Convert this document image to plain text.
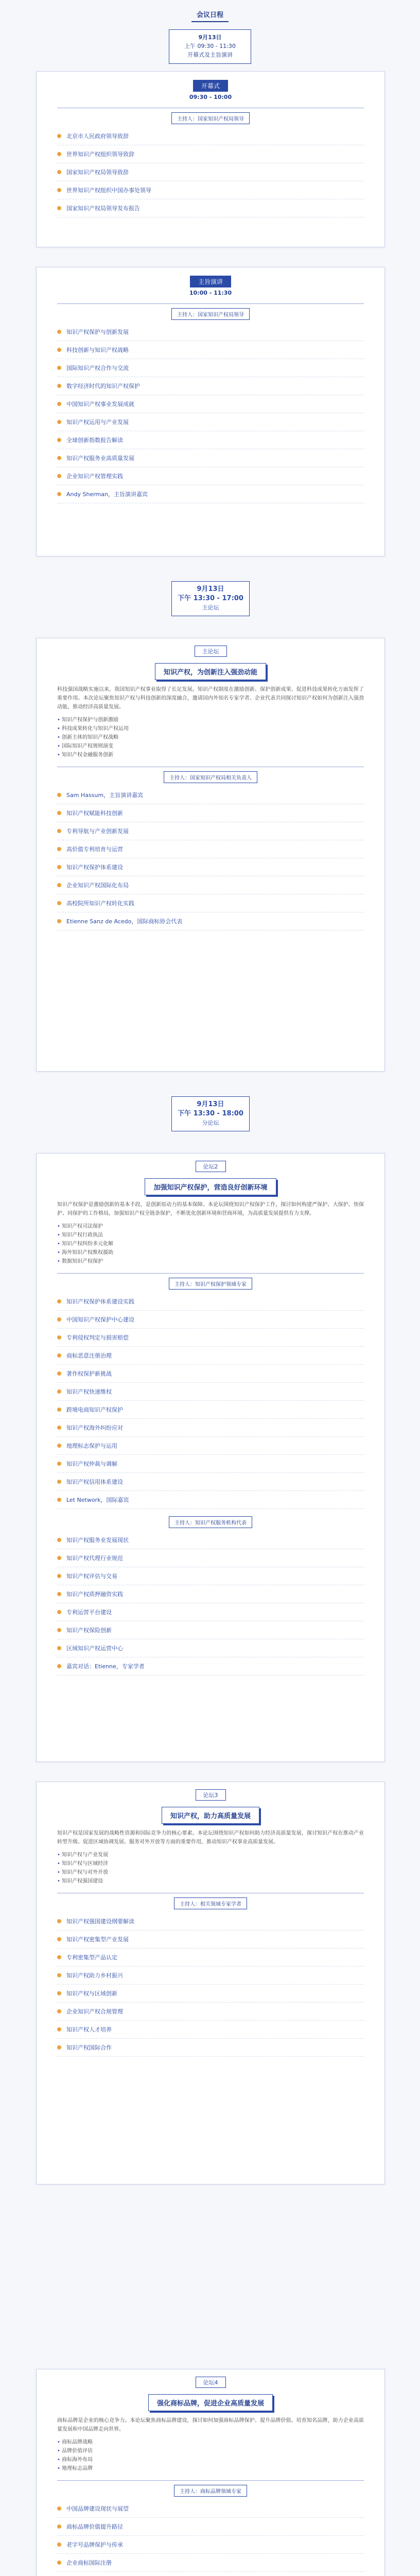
会议日程
9月13日
上午 09:30 - 11:30
开幕式及主旨演讲
开幕式
09:30 - 10:00
主持人：国家知识产权局领导
北京市人民政府领导致辞
世界知识产权组织领导致辞
国家知识产权局领导致辞
世界知识产权组织中国办事处领导
国家知识产权局领导发布报告
主旨演讲
10:00 - 11:30
主持人：国家知识产权局领导
知识产权保护与创新发展
科技创新与知识产权战略
国际知识产权合作与交流
数字经济时代的知识产权保护
中国知识产权事业发展成就
知识产权运用与产业发展
全球创新指数报告解读
知识产权服务业高质量发展
企业知识产权管理实践
Andy Sherman，主旨演讲嘉宾
9月13日
下午 13:30 - 17:00
主论坛
主论坛
知识产权，为创新注入强劲动能
科技强国战略实施以来，我国知识产权事业取得了长足发展。知识产权制度在激励创新、保护创新成果、促进科技成果转化方面发挥了重要作用。本次论坛聚焦知识产权与科技创新的深度融合，邀请国内外知名专家学者、企业代表共同探讨知识产权如何为创新注入强劲动能，推动经济高质量发展。
• 知识产权保护与创新激励
• 科技成果转化与知识产权运用
• 创新主体的知识产权战略
• 国际知识产权规则演变
• 知识产权金融服务创新
主持人：国家知识产权局相关负责人
Sam Hassum，主旨演讲嘉宾
知识产权赋能科技创新
专利导航与产业创新发展
高价值专利培育与运营
知识产权保护体系建设
企业知识产权国际化布局
高校院所知识产权转化实践
Etienne Sanz de Acedo，国际商标协会代表
9月13日
下午 13:30 - 18:00
分论坛
论坛2
加强知识产权保护，营造良好创新环境
知识产权保护是激励创新的基本手段，是创新原动力的基本保障。本论坛围绕知识产权保护工作，探讨如何构建严保护、大保护、快保护、同保护的工作格局，加强知识产权全链条保护，不断优化创新环境和营商环境，为高质量发展提供有力支撑。
• 知识产权司法保护
• 知识产权行政执法
• 知识产权纠纷多元化解
• 海外知识产权维权援助
• 数据知识产权保护
主持人：知识产权保护领域专家
知识产权保护体系建设实践
中国知识产权保护中心建设
专利侵权判定与损害赔偿
商标恶意注册治理
著作权保护新挑战
知识产权快速维权
跨境电商知识产权保护
知识产权海外纠纷应对
地理标志保护与运用
知识产权仲裁与调解
知识产权信用体系建设
Let Network，国际嘉宾
主持人：知识产权服务机构代表
知识产权服务业发展现状
知识产权代理行业规范
知识产权评估与交易
知识产权质押融资实践
专利运营平台建设
知识产权保险创新
区域知识产权运营中心
嘉宾对话：Etienne，专家学者
论坛3
知识产权，助力高质量发展
知识产权是国家发展的战略性资源和国际竞争力的核心要素。本论坛围绕知识产权如何助力经济高质量发展，探讨知识产权在推动产业转型升级、促进区域协调发展、服务对外开放等方面的重要作用，推动知识产权事业高质量发展。
• 知识产权与产业发展
• 知识产权与区域经济
• 知识产权与对外开放
• 知识产权强国建设
主持人：相关领域专家学者
知识产权强国建设纲要解读
知识产权密集型产业发展
专利密集型产品认定
知识产权助力乡村振兴
知识产权与区域创新
企业知识产权合规管理
知识产权人才培养
知识产权国际合作
论坛4
强化商标品牌，促进企业高质量发展
商标品牌是企业的核心竞争力。本论坛聚焦商标品牌建设，探讨如何加强商标品牌保护、提升品牌价值、培育知名品牌，助力企业高质量发展和中国品牌走向世界。
• 商标品牌战略
• 品牌价值评估
• 商标海外布局
• 地理标志品牌
主持人：商标品牌领域专家
中国品牌建设现状与展望
商标品牌价值提升路径
老字号品牌保护与传承
企业商标国际注册
